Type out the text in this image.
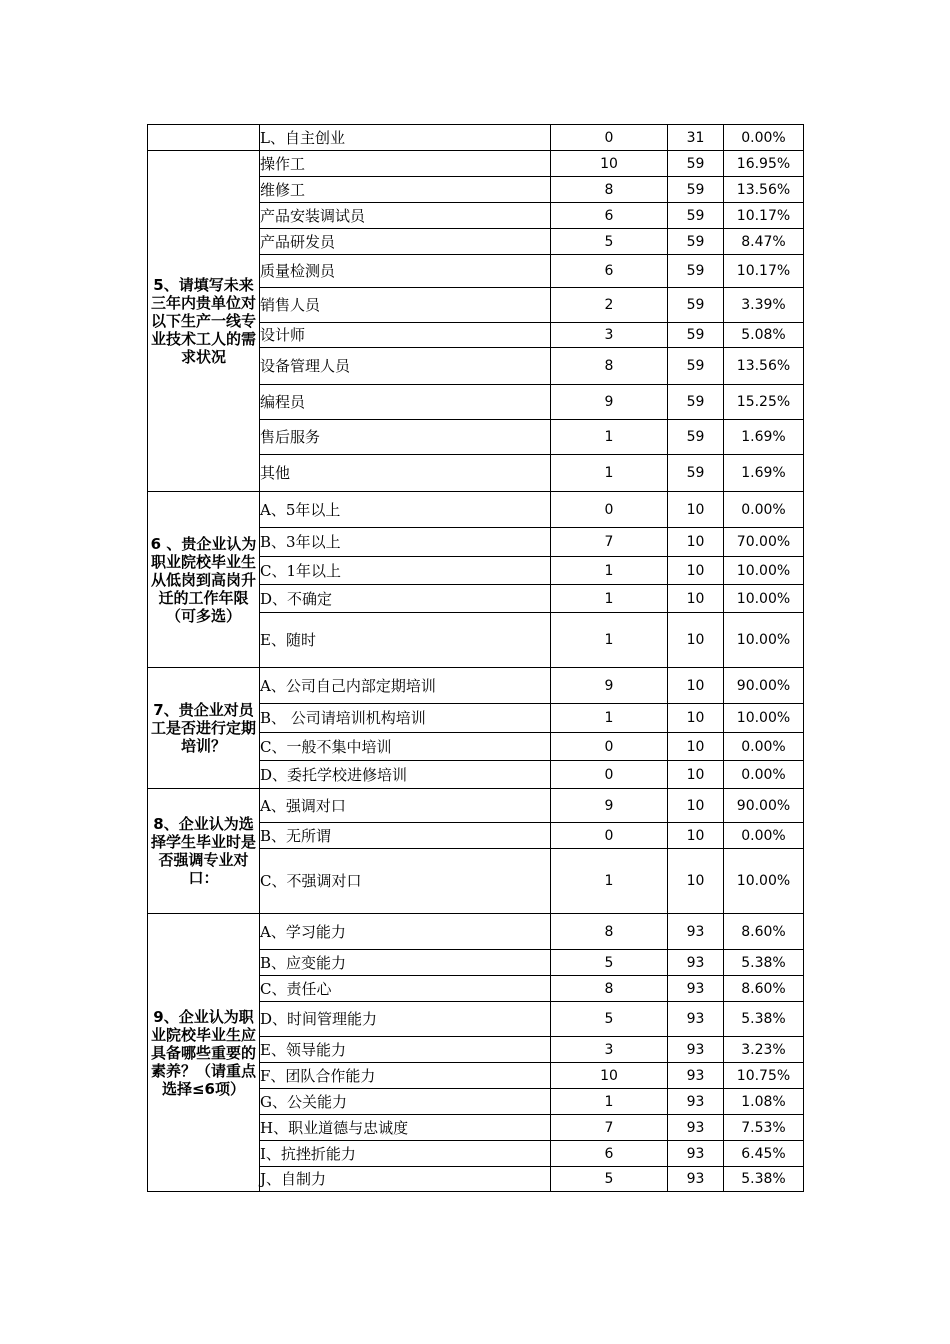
	L、自主创业	0	31	0.00%
5、请填写未来三年内贵单位对以下生产一线专业技术工人的需求状况	操作工	10	59	16.95%
	维修工	8	59	13.56%
	产品安装调试员	6	59	10.17%
	产品研发员	5	59	8.47%
	质量检测员	6	59	10.17%
	销售人员	2	59	3.39%
	设计师	3	59	5.08%
	设备管理人员	8	59	13.56%
	编程员	9	59	15.25%
	售后服务	1	59	1.69%
	其他	1	59	1.69%
6 、贵企业认为职业院校毕业生从低岗到高岗升迁的工作年限（可多选）	A、5年以上	0	10	0.00%
	B、3年以上	7	10	70.00%
	C、1年以上	1	10	10.00%
	D、不确定	1	10	10.00%
	E、随时	1	10	10.00%
7、贵企业对员工是否进行定期培训？	A、公司自己内部定期培训	9	10	90.00%
	B、 公司请培训机构培训	1	10	10.00%
	C、一般不集中培训	0	10	0.00%
	D、委托学校进修培训	0	10	0.00%
8、企业认为选择学生毕业时是否强调专业对口：	A、强调对口	9	10	90.00%
	B、无所谓	0	10	0.00%
	C、不强调对口	1	10	10.00%
9、企业认为职业院校毕业生应具备哪些重要的素养？（请重点选择≤6项）	A、学习能力	8	93	8.60%
	B、应变能力	5	93	5.38%
	C、责任心	8	93	8.60%
	D、时间管理能力	5	93	5.38%
	E、领导能力	3	93	3.23%
	F、团队合作能力	10	93	10.75%
	G、公关能力	1	93	1.08%
	H、职业道德与忠诚度	7	93	7.53%
	I、抗挫折能力	6	93	6.45%
	J、自制力	5	93	5.38%
